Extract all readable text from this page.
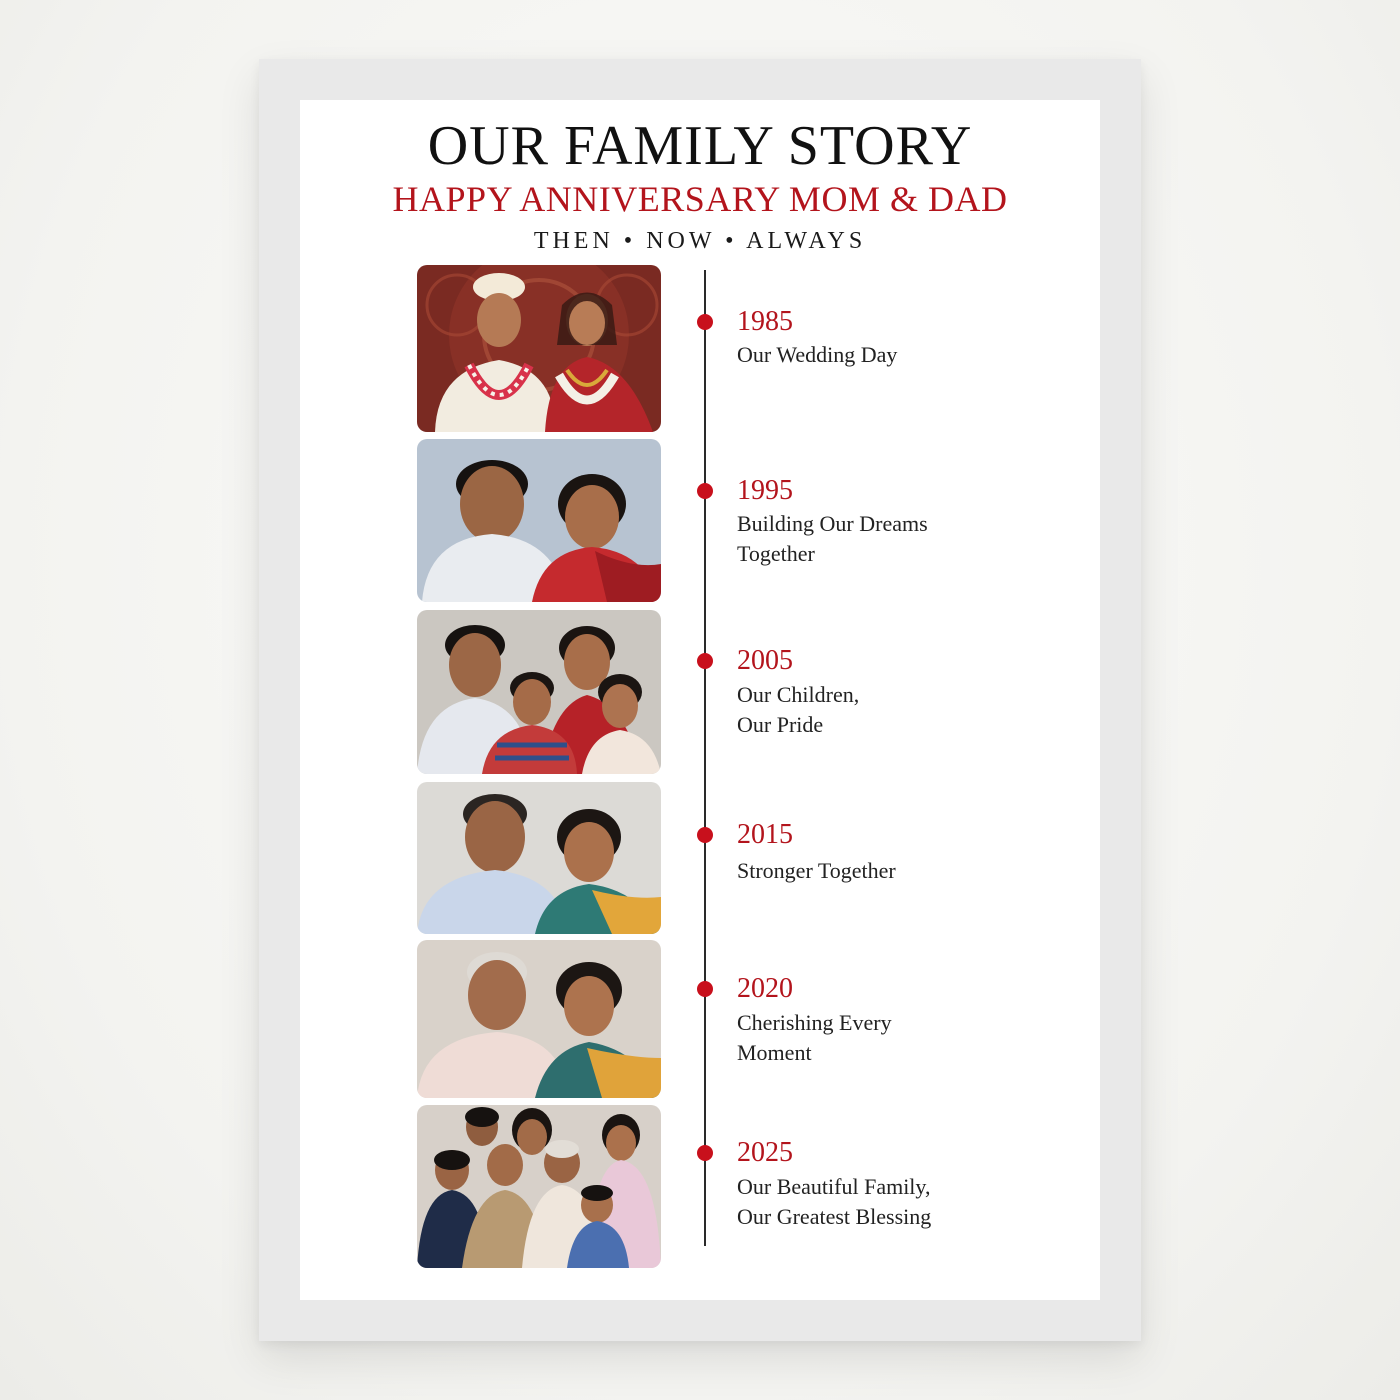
OUR FAMILY STORY
HAPPY ANNIVERSARY MOM & DAD
THEN • NOW • ALWAYS
1985
Our Wedding Day
1995
Building Our Dreams
Together
2005
Our Children,
Our Pride
2015
Stronger Together
2020
Cherishing Every
Moment
2025
Our Beautiful Family,
Our Greatest Blessing
